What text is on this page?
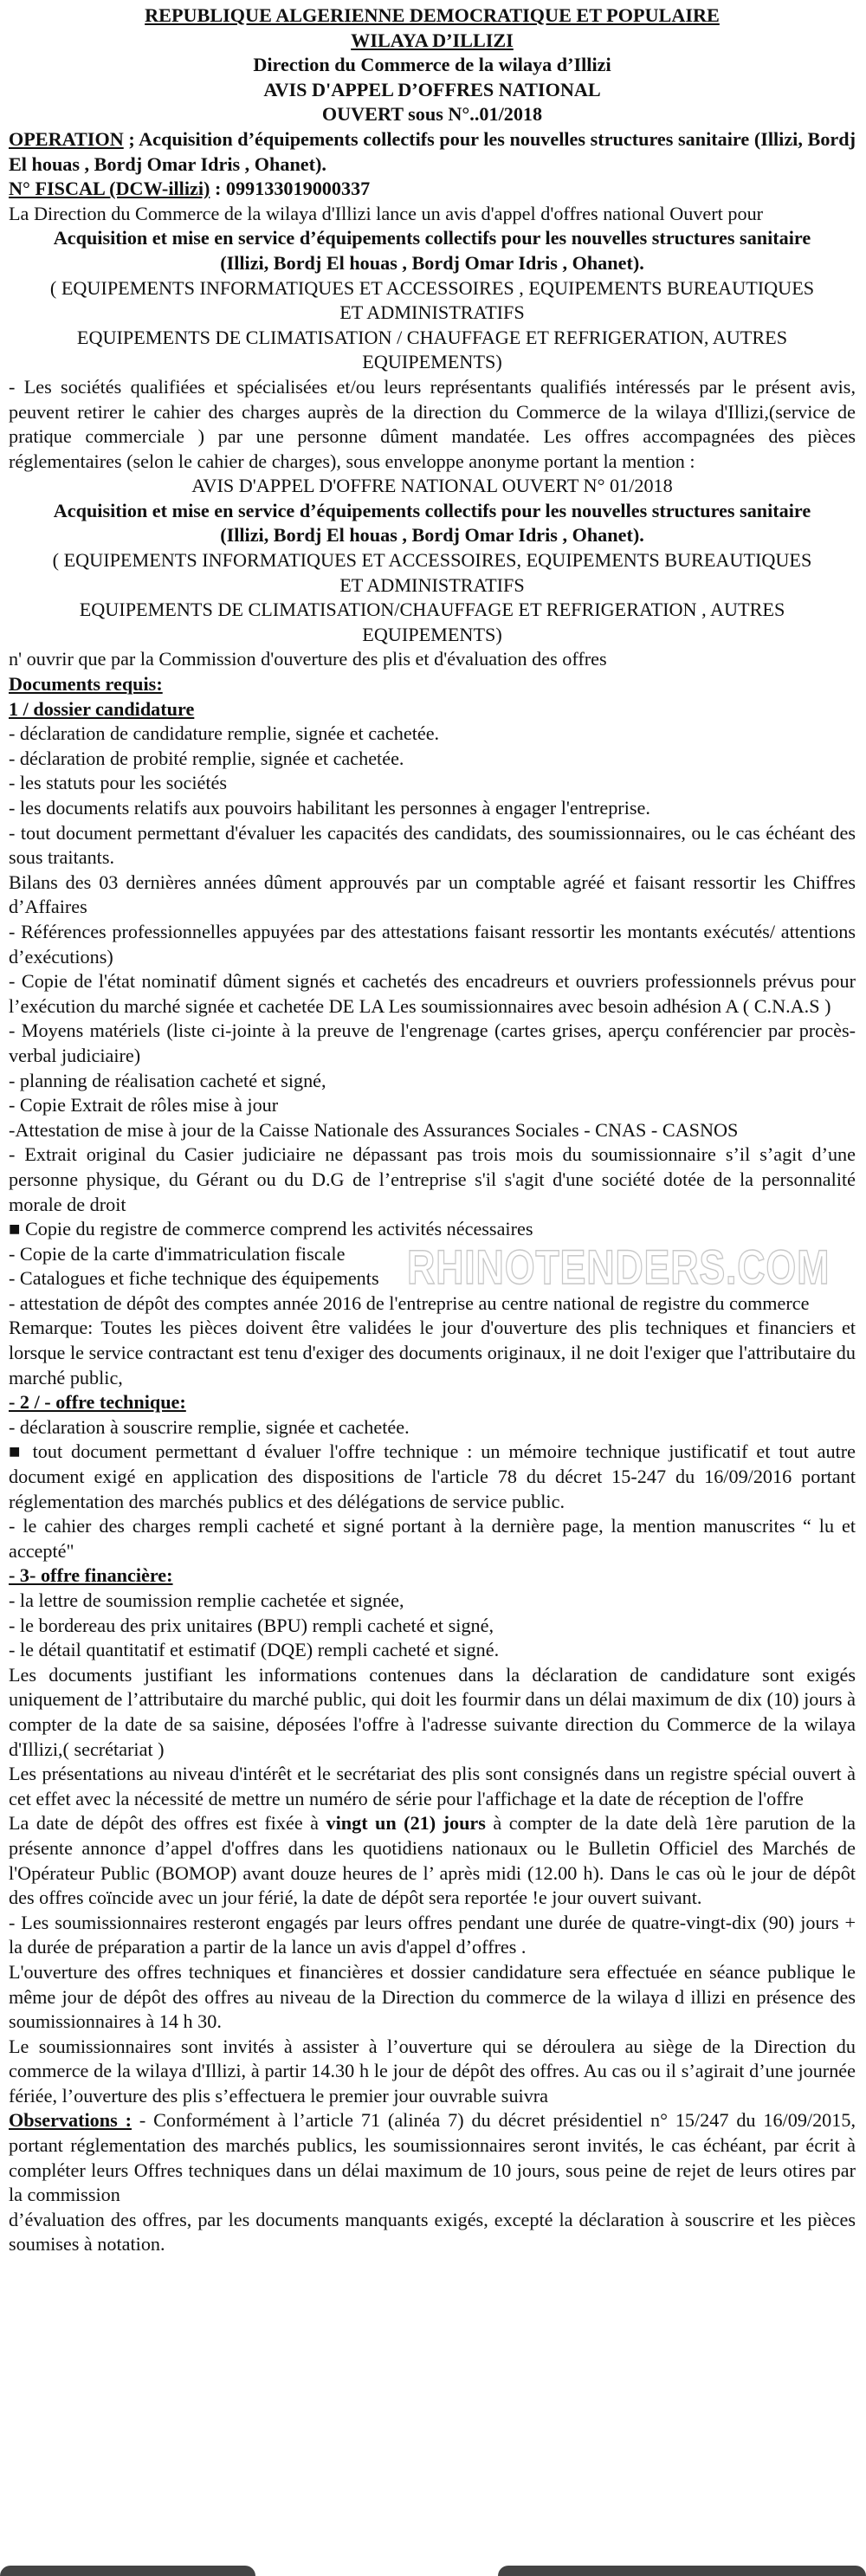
REPUBLIQUE ALGERIENNE DEMOCRATIQUE ET POPULAIRE

WILAYA D’ILLIZI

Direction du Commerce de la wilaya d’Illizi

AVIS D'APPEL D’OFFRES NATIONAL

OUVERT sous N°..01/2018

OPERATION ; Acquisition d’équipements collectifs pour les nouvelles structures sanitaire (Illizi, Bordj El houas , Bordj Omar Idris , Ohanet).

N° FISCAL (DCW-illizi) : 099133019000337

La Direction du Commerce de la wilaya d'Illizi lance un avis d'appel d'offres national Ouvert pour

Acquisition et mise en service d’équipements collectifs pour les nouvelles structures sanitaire (Illizi, Bordj El houas , Bordj Omar Idris , Ohanet).

( EQUIPEMENTS INFORMATIQUES ET ACCESSOIRES , EQUIPEMENTS BUREAUTIQUES ET ADMINISTRATIFS

EQUIPEMENTS DE CLIMATISATION / CHAUFFAGE ET REFRIGERATION, AUTRES EQUIPEMENTS)

- Les sociétés qualifiées et spécialisées et/ou leurs représentants qualifiés intéressés par le présent avis, peuvent retirer le cahier des charges auprès de la direction du Commerce de la wilaya d'Illizi,(service de pratique commerciale ) par une personne dûment mandatée. Les offres accompagnées des pièces réglementaires (selon le cahier de charges), sous enveloppe anonyme portant la mention :

AVIS D'APPEL D'OFFRE NATIONAL OUVERT N° 01/2018

Acquisition et mise en service d’équipements collectifs pour les nouvelles structures sanitaire (Illizi, Bordj El houas , Bordj Omar Idris , Ohanet).

( EQUIPEMENTS INFORMATIQUES ET ACCESSOIRES, EQUIPEMENTS BUREAUTIQUES ET ADMINISTRATIFS

EQUIPEMENTS DE CLIMATISATION/CHAUFFAGE ET REFRIGERATION , AUTRES EQUIPEMENTS)

n' ouvrir que par la Commission d'ouverture des plis et d'évaluation des offres

Documents requis:

1 / dossier candidature

- déclaration de candidature remplie, signée et cachetée.

- déclaration de probité remplie, signée et cachetée.

- les statuts pour les sociétés

- les documents relatifs aux pouvoirs habilitant les personnes à engager l'entreprise.

- tout document permettant d'évaluer les capacités des candidats, des soumissionnaires, ou le cas échéant des sous traitants.

Bilans des 03 dernières années dûment approuvés par un comptable agréé et faisant ressortir les Chiffres d’Affaires

- Références professionnelles appuyées par des attestations faisant ressortir les montants exécutés/ attentions d’exécutions)

- Copie de l'état nominatif dûment signés et cachetés des encadreurs et ouvriers professionnels prévus pour l’exécution du marché signée et cachetée DE LA Les soumissionnaires avec besoin adhésion A ( C.N.A.S )

- Moyens matériels (liste ci-jointe à la preuve de l'engrenage (cartes grises, aperçu conférencier par procès-verbal judiciaire)

- planning de réalisation cacheté et signé,

- Copie Extrait de rôles mise à jour

-Attestation de mise à jour de la Caisse Nationale des Assurances Sociales - CNAS - CASNOS

- Extrait original du Casier judiciaire ne dépassant pas trois mois du soumissionnaire s’il s’agit d’une personne physique, du Gérant ou du D.G de l’entreprise s'il s'agit d'une société dotée de la personnalité morale de droit

■ Copie du registre de commerce comprend les activités nécessaires

- Copie de la carte d'immatriculation fiscale

- Catalogues et fiche technique des équipements

- attestation de dépôt des comptes année 2016 de l'entreprise au centre national de registre du commerce

Remarque: Toutes les pièces doivent être validées le jour d'ouverture des plis techniques et financiers et lorsque le service contractant est tenu d'exiger des documents originaux, il ne doit l'exiger que l'attributaire du marché public,

- 2 / - offre technique:

- déclaration à souscrire remplie, signée et cachetée.

■ tout document permettant d évaluer l'offre technique : un mémoire technique justificatif et tout autre document exigé en application des dispositions de l'article 78 du décret 15-247 du 16/09/2016 portant réglementation des marchés publics et des délégations de service public.

- le cahier des charges rempli cacheté et signé portant à la dernière page, la mention manuscrites “ lu et accepté"

- 3- offre financière:

- la lettre de soumission remplie cachetée et signée,

- le bordereau des prix unitaires (BPU) rempli cacheté et signé,

- le détail quantitatif et estimatif (DQE) rempli cacheté et signé.

Les documents justifiant les informations contenues dans la déclaration de candidature sont exigés uniquement de l’attributaire du marché public, qui doit les fourmir dans un délai maximum de dix (10) jours à compter de la date de sa saisine, déposées l'offre à l'adresse suivante direction du Commerce de la wilaya d'Illizi,( secrétariat )

Les présentations au niveau d'intérêt et le secrétariat des plis sont consignés dans un registre spécial ouvert à cet effet avec la nécessité de mettre un numéro de série pour l'affichage et la date de réception de l'offre

La date de dépôt des offres est fixée à vingt un (21) jours à compter de la date delà 1ère parution de la présente annonce d’appel d'offres dans les quotidiens nationaux ou le Bulletin Officiel des Marchés de l'Opérateur Public (BOMOP) avant douze heures de l’ après midi (12.00 h). Dans le cas où le jour de dépôt des offres coïncide avec un jour férié, la date de dépôt sera reportée !e jour ouvert suivant.

- Les soumissionnaires resteront engagés par leurs offres pendant une durée de quatre-vingt-dix (90) jours + la durée de préparation a partir de la lance un avis d'appel d’offres .

L'ouverture des offres techniques et financières et dossier candidature sera effectuée en séance publique le même jour de dépôt des offres au niveau de la Direction du commerce de la wilaya d illizi en présence des soumissionnaires à 14 h 30.

Le soumissionnaires sont invités à assister à l’ouverture qui se déroulera au siège de la Direction du commerce de la wilaya d'Illizi, à partir 14.30 h le jour de dépôt des offres. Au cas ou il s’agirait d’une journée fériée, l’ouverture des plis s’effectuera le premier jour ouvrable suivra

Observations : - Conformément à l’article 71 (alinéa 7) du décret présidentiel n° 15/247 du 16/09/2015, portant réglementation des marchés publics, les soumissionnaires seront invités, le cas échéant, par écrit à compléter leurs Offres techniques dans un délai maximum de 10 jours, sous peine de rejet de leurs otires par la commission

d’évaluation des offres, par les documents manquants exigés, excepté la déclaration à souscrire et les pièces soumises à notation.

RHINOTENDERS.COM
